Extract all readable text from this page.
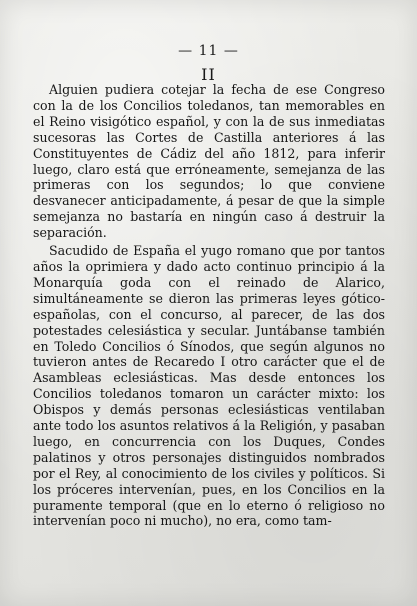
— 11 —
II

Alguien pudiera cotejar la fecha de ese Congreso con la de los Concilios toledanos, tan memorables en el Reino visigótico español, y con la de sus inmediatas sucesoras las Cortes de Castilla anteriores á las Constituyentes de Cádiz del año 1812, para inferir luego, claro está que erróneamente, semejanza de las primeras con los segundos; lo que conviene desvanecer anticipadamente, á pesar de que la simple semejanza no bastaría en ningún caso á destruir la separación.

Sacudido de España el yugo romano que por tantos años la oprimiera y dado acto continuo principio á la Monarquía goda con el reinado de Alarico, simultáneamente se dieron las primeras leyes gótico-españolas, con el concurso, al parecer, de las dos potestades celesiástica y secular. Juntábanse también en Toledo Concilios ó Sínodos, que según algunos no tuvieron antes de Recaredo I otro carácter que el de Asambleas eclesiásticas. Mas desde entonces los Concilios toledanos tomaron un carácter mixto: los Obispos y demás personas eclesiásticas ventilaban ante todo los asuntos relativos á la Religión, y pasaban luego, en concurrencia con los Duques, Condes palatinos y otros personajes distinguidos nombrados por el Rey, al conocimiento de los civiles y políticos. Si los próceres intervenían, pues, en los Concilios en la puramente temporal (que en lo eterno ó religioso no intervenían poco ni mucho), no era, como tam-
